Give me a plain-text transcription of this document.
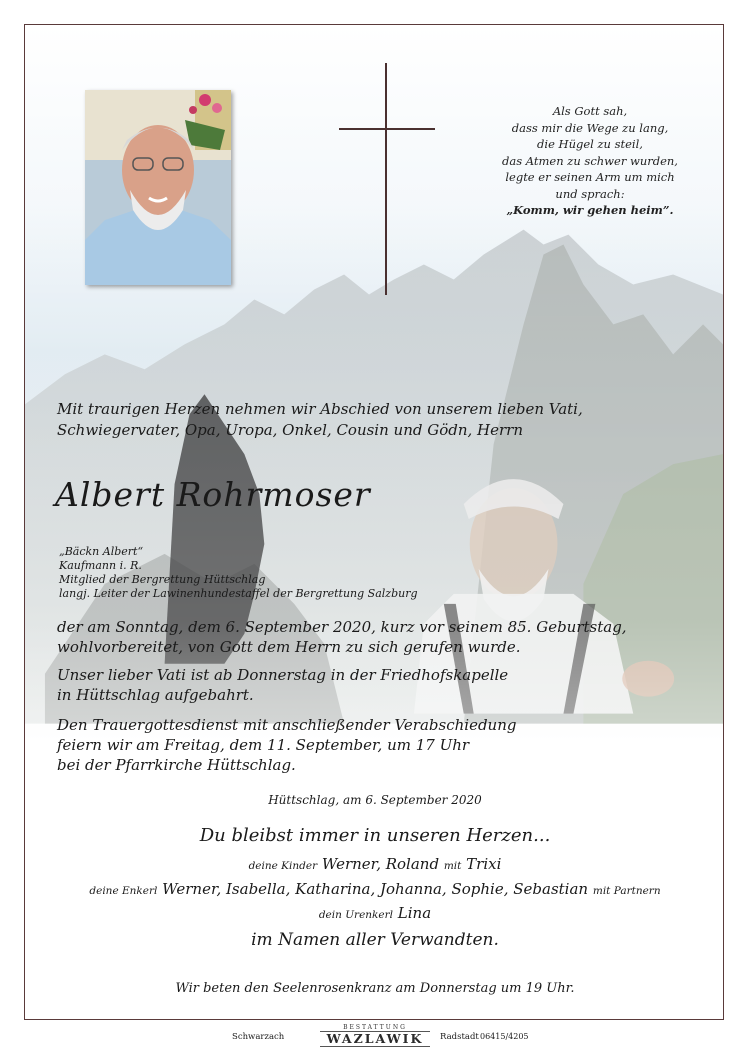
Als Gott sah,
dass mir die Wege zu lang,
die Hügel zu steil,
das Atmen zu schwer wurden,
legte er seinen Arm um mich
und sprach:
„Komm, wir gehen heim”.
Mit traurigen Herzen nehmen wir Abschied von unserem lieben Vati,
Schwiegervater, Opa, Uropa, Onkel, Cousin und Gödn, Herrn
Albert Rohrmoser
„Bäckn Albert“
Kaufmann i. R.
Mitglied der Bergrettung Hüttschlag
langj. Leiter der Lawinenhundestaffel der Bergrettung Salzburg
der am Sonntag, dem 6. September 2020, kurz vor seinem 85. Geburtstag,
wohlvorbereitet, von Gott dem Herrn zu sich gerufen wurde.
Unser lieber Vati ist ab Donnerstag in der Friedhofskapelle
in Hüttschlag aufgebahrt.
Den Trauergottesdienst mit anschließender Verabschiedung
feiern wir am Freitag, dem 11. September, um 17 Uhr
bei der Pfarrkirche Hüttschlag.
Hüttschlag, am 6. September 2020
Du bleibst immer in unseren Herzen...
deine Kinder Werner, Roland mit Trixi
deine Enkerl Werner, Isabella, Katharina, Johanna, Sophie, Sebastian mit Partnern
dein Urenkerl Lina
im Namen aller Verwandten.
Wir beten den Seelenrosenkranz am Donnerstag um 19 Uhr.
Schwarzach
BESTATTUNG
WAZLAWIK	Radstadt 06415/4205
